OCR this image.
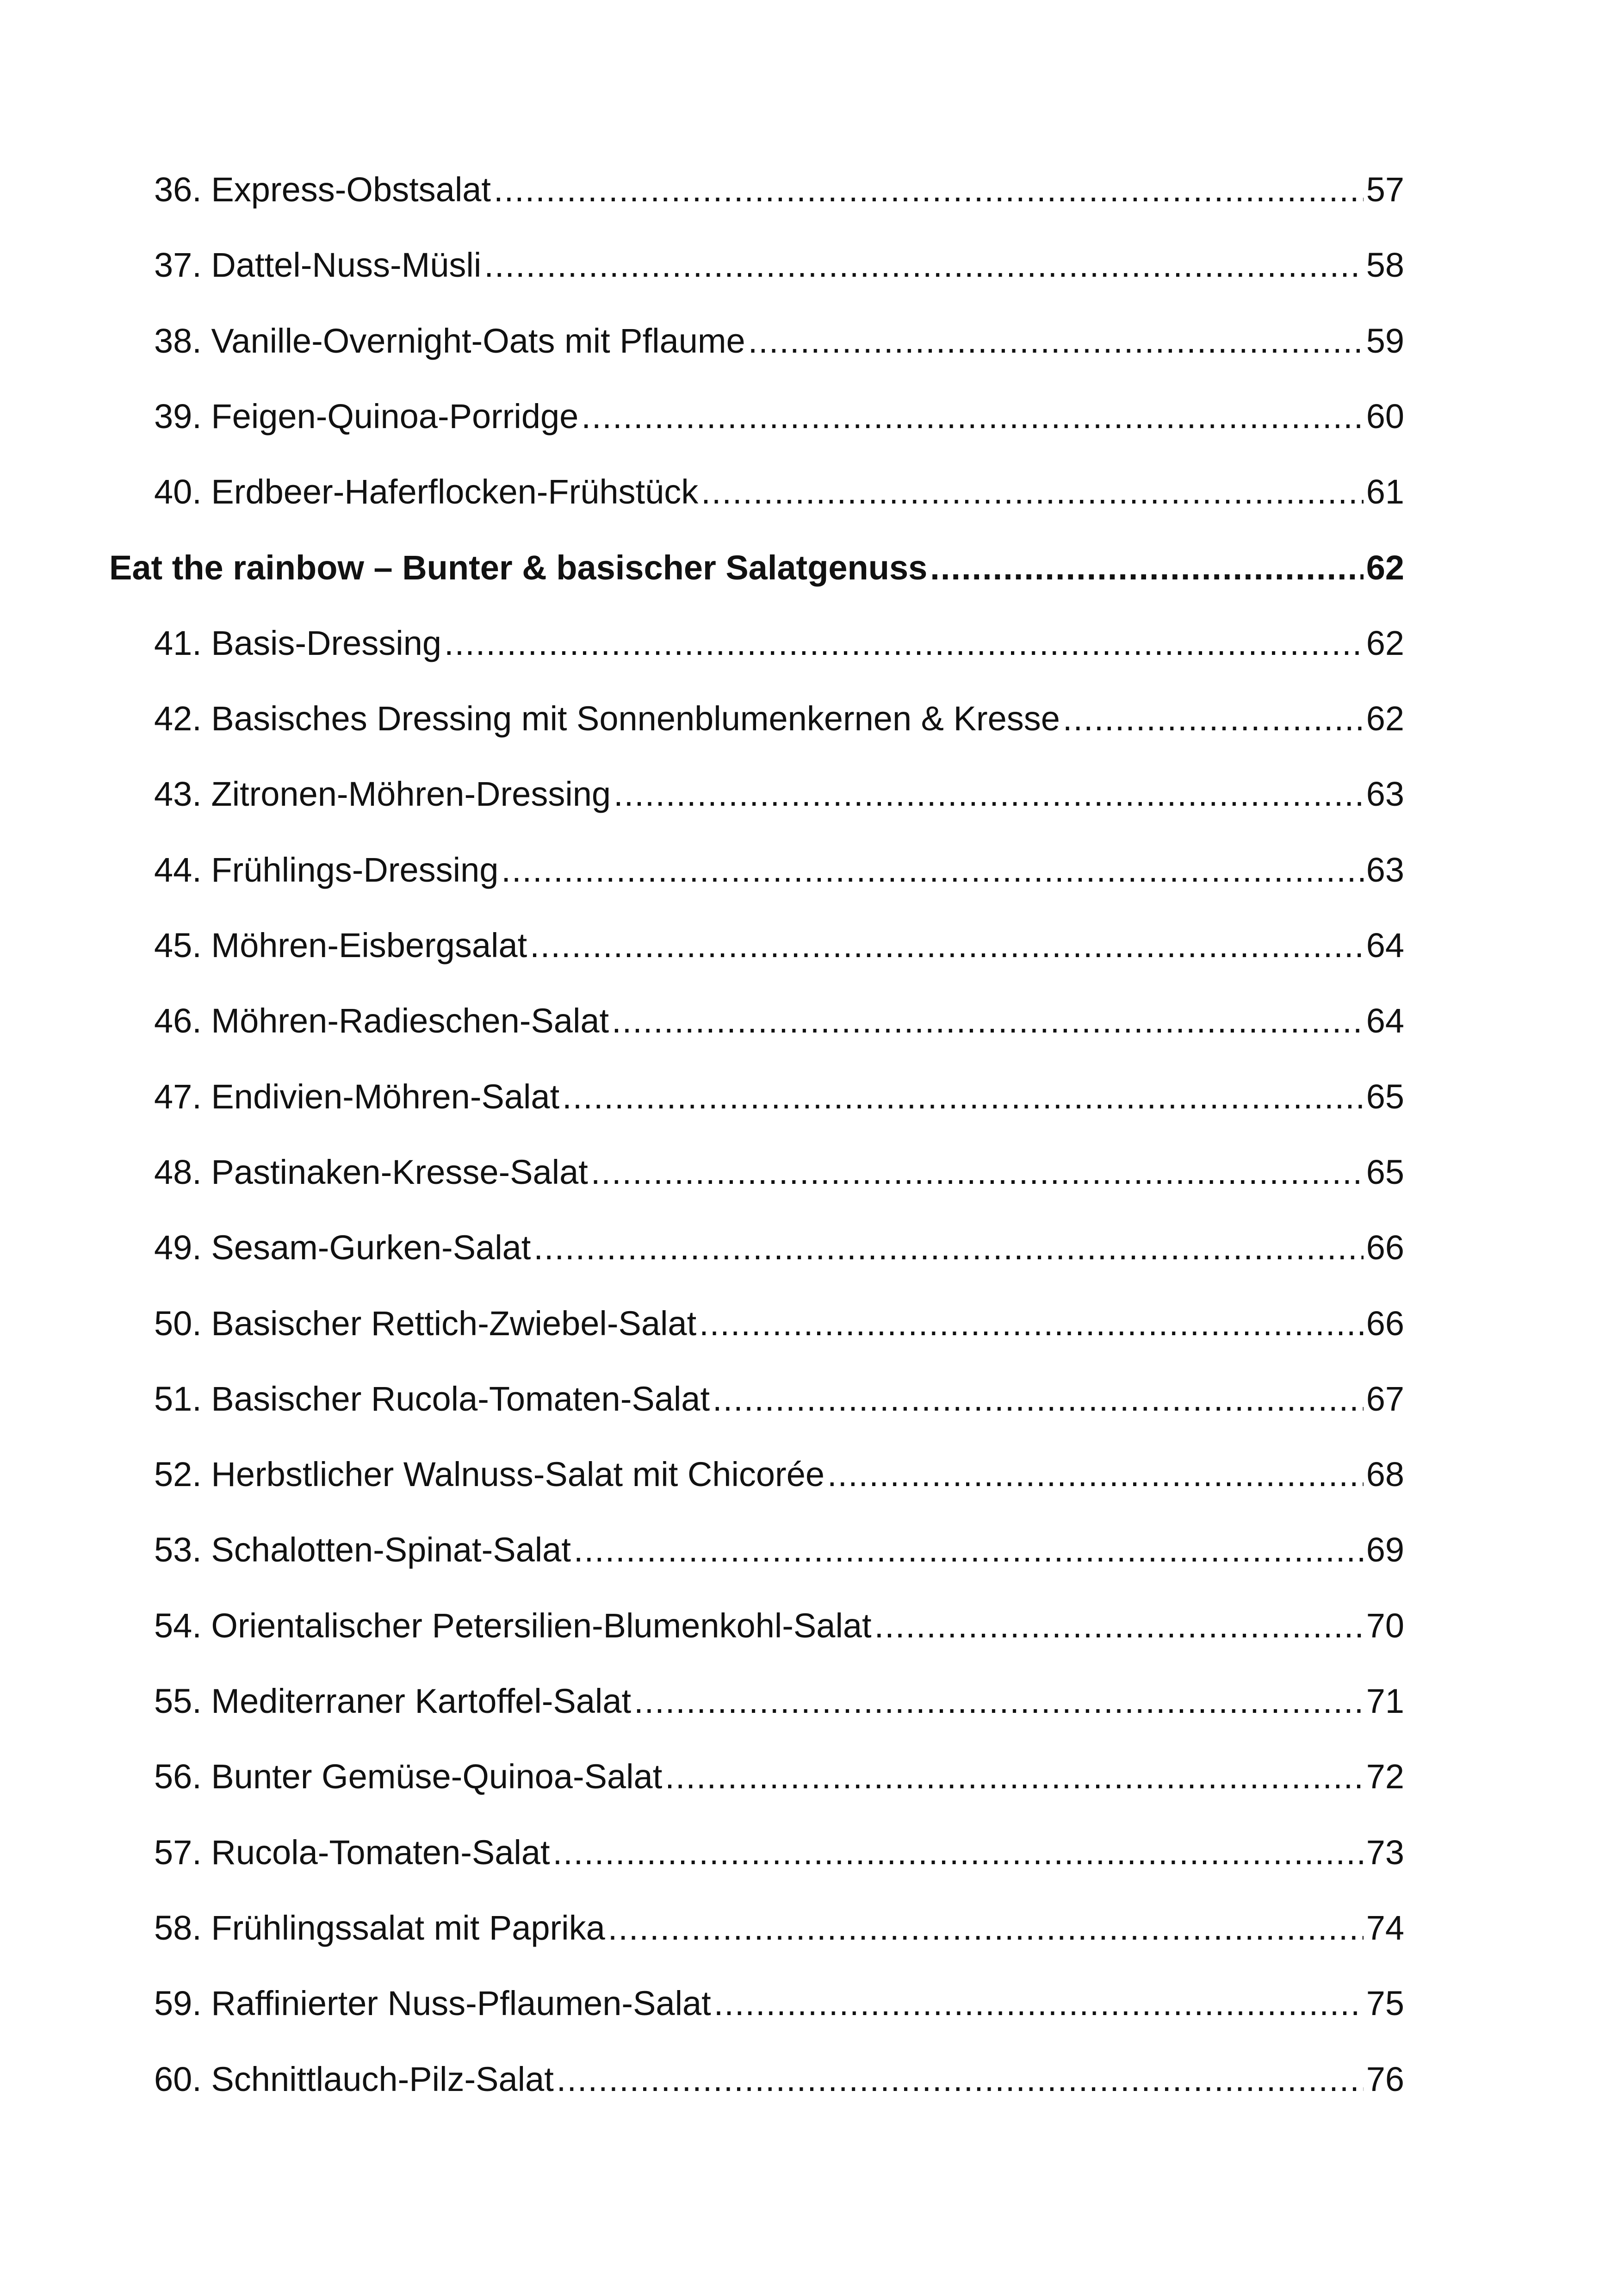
36. Express-Obstsalat .....	57
37. Dattel-Nuss-Müsli .....	58
38. Vanille-Overnight-Oats mit Pflaume .....	59
39. Feigen-Quinoa-Porridge .....	60
40. Erdbeer-Haferflocken-Frühstück .....	61
Eat the rainbow – Bunter & basischer Salatgenuss .....	62
41. Basis-Dressing .....	62
42. Basisches Dressing mit Sonnenblumenkernen & Kresse .....	62
43. Zitronen-Möhren-Dressing .....	63
44. Frühlings-Dressing .....	63
45. Möhren-Eisbergsalat .....	64
46. Möhren-Radieschen-Salat .....	64
47. Endivien-Möhren-Salat .....	65
48. Pastinaken-Kresse-Salat .....	65
49. Sesam-Gurken-Salat .....	66
50. Basischer Rettich-Zwiebel-Salat .....	66
51. Basischer Rucola-Tomaten-Salat .....	67
52. Herbstlicher Walnuss-Salat mit Chicorée .....	68
53. Schalotten-Spinat-Salat .....	69
54. Orientalischer Petersilien-Blumenkohl-Salat .....	70
55. Mediterraner Kartoffel-Salat .....	71
56. Bunter Gemüse-Quinoa-Salat .....	72
57. Rucola-Tomaten-Salat .....	73
58. Frühlingssalat mit Paprika .....	74
59. Raffinierter Nuss-Pflaumen-Salat .....	75
60. Schnittlauch-Pilz-Salat .....	76
